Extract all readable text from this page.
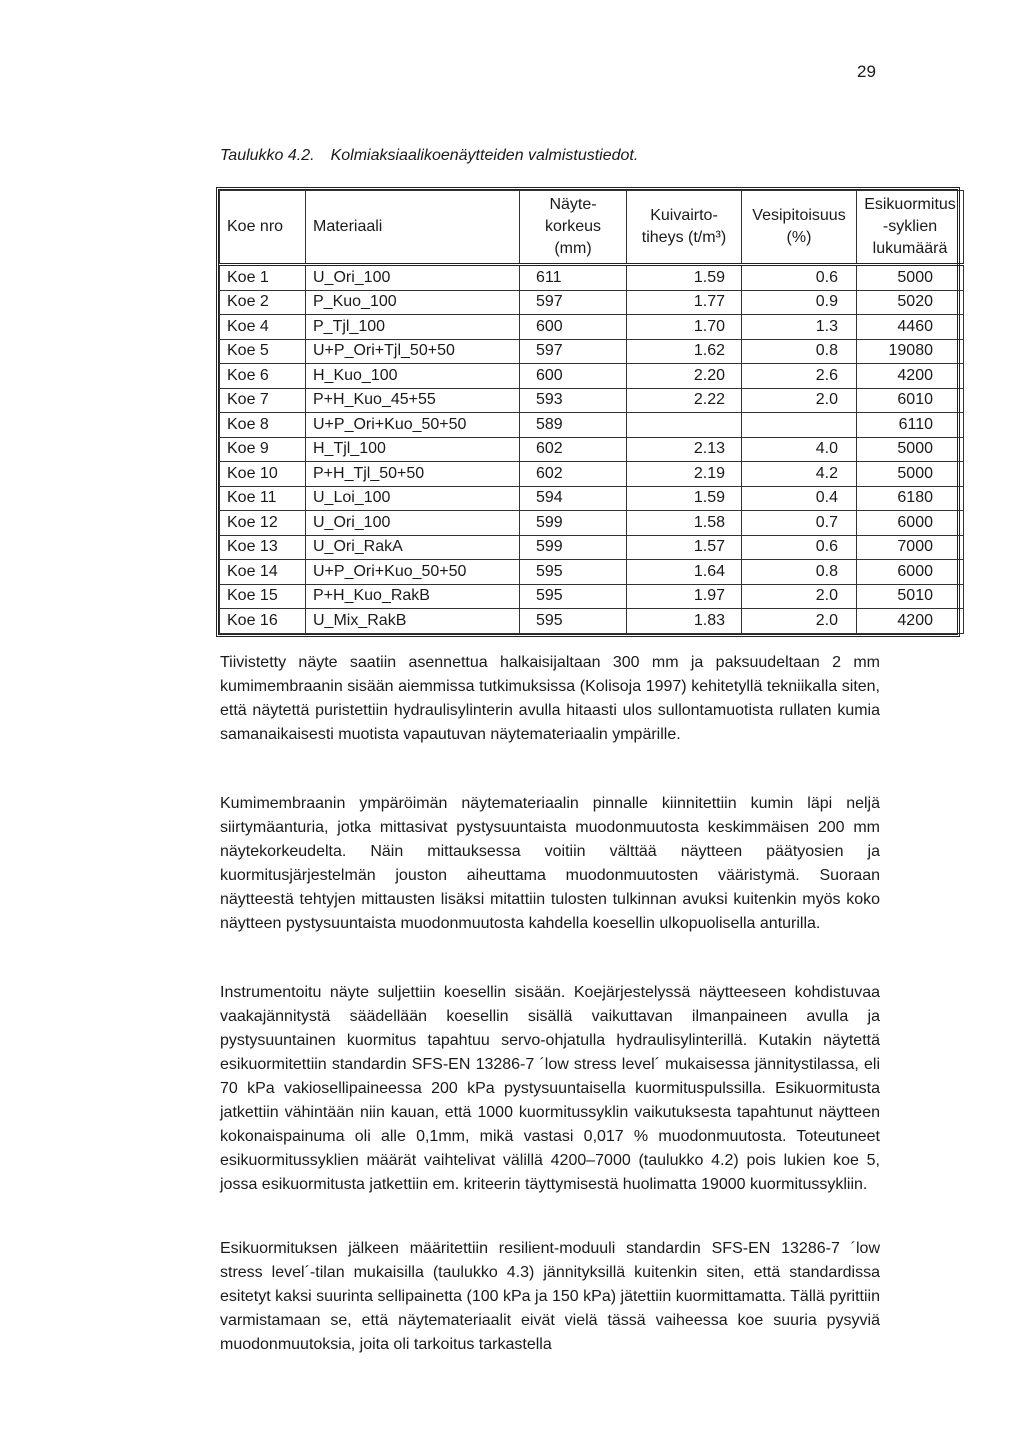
29
Taulukko 4.2. Kolmiaksiaalikoenäytteiden valmistustiedot.
Koe nro	Materiaali	Näyte-korkeus (mm)	Kuivairto-tiheys (t/m³)	Vesipitoisuus (%)	Esikuormitus -syklien lukumäärä
Koe 1	U_Ori_100	611	1.59	0.6	5000
Koe 2	P_Kuo_100	597	1.77	0.9	5020
Koe 4	P_Tjl_100	600	1.70	1.3	4460
Koe 5	U+P_Ori+Tjl_50+50	597	1.62	0.8	19080
Koe 6	H_Kuo_100	600	2.20	2.6	4200
Koe 7	P+H_Kuo_45+55	593	2.22	2.0	6010
Koe 8	U+P_Ori+Kuo_50+50	589			6110
Koe 9	H_Tjl_100	602	2.13	4.0	5000
Koe 10	P+H_Tjl_50+50	602	2.19	4.2	5000
Koe 11	U_Loi_100	594	1.59	0.4	6180
Koe 12	U_Ori_100	599	1.58	0.7	6000
Koe 13	U_Ori_RakA	599	1.57	0.6	7000
Koe 14	U+P_Ori+Kuo_50+50	595	1.64	0.8	6000
Koe 15	P+H_Kuo_RakB	595	1.97	2.0	5010
Koe 16	U_Mix_RakB	595	1.83	2.0	4200

Tiivistetty näyte saatiin asennettua halkaisijaltaan 300 mm ja paksuudeltaan 2 mm kumimembraanin sisään aiemmissa tutkimuksissa (Kolisoja 1997) kehitetyllä tekniikalla siten, että näytettä puristettiin hydraulisylinterin avulla hitaasti ulos sullontamuotista rullaten kumia samanaikaisesti muotista vapautuvan näytemateriaalin ympärille.

Kumimembraanin ympäröimän näytemateriaalin pinnalle kiinnitettiin kumin läpi neljä siirtymäanturia, jotka mittasivat pystysuuntaista muodonmuutosta keskimmäisen 200 mm näytekorkeudelta. Näin mittauksessa voitiin välttää näytteen päätyosien ja kuormitusjärjestelmän jouston aiheuttama muodonmuutosten vääristymä. Suoraan näytteestä tehtyjen mittausten lisäksi mitattiin tulosten tulkinnan avuksi kuitenkin myös koko näytteen pystysuuntaista muodonmuutosta kahdella koesellin ulkopuolisella anturilla.

Instrumentoitu näyte suljettiin koesellin sisään. Koejärjestelyssä näytteeseen kohdistuvaa vaakajännitystä säädellään koesellin sisällä vaikuttavan ilmanpaineen avulla ja pystysuuntainen kuormitus tapahtuu servo-ohjatulla hydraulisylinterillä. Kutakin näytettä esikuormitettiin standardin SFS-EN 13286-7 ´low stress level´ mukaisessa jännitystilassa, eli 70 kPa vakiosellipaineessa 200 kPa pystysuuntaisella kuormituspulssilla. Esikuormitusta jatkettiin vähintään niin kauan, että 1000 kuormitussyklin vaikutuksesta tapahtunut näytteen kokonaispainuma oli alle 0,1mm, mikä vastasi 0,017 % muodonmuutosta. Toteutuneet esikuormitussyklien määrät vaihtelivat välillä 4200–7000 (taulukko 4.2) pois lukien koe 5, jossa esikuormitusta jatkettiin em. kriteerin täyttymisestä huolimatta 19000 kuormitussykliin.

Esikuormituksen jälkeen määritettiin resilient-moduuli standardin SFS-EN 13286-7 ´low stress level´-tilan mukaisilla (taulukko 4.3) jännityksillä kuitenkin siten, että standardissa esitetyt kaksi suurinta sellipainetta (100 kPa ja 150 kPa) jätettiin kuormittamatta. Tällä pyrittiin varmistamaan se, että näytemateriaalit eivät vielä tässä vaiheessa koe suuria pysyviä muodonmuutoksia, joita oli tarkoitus tarkastella
